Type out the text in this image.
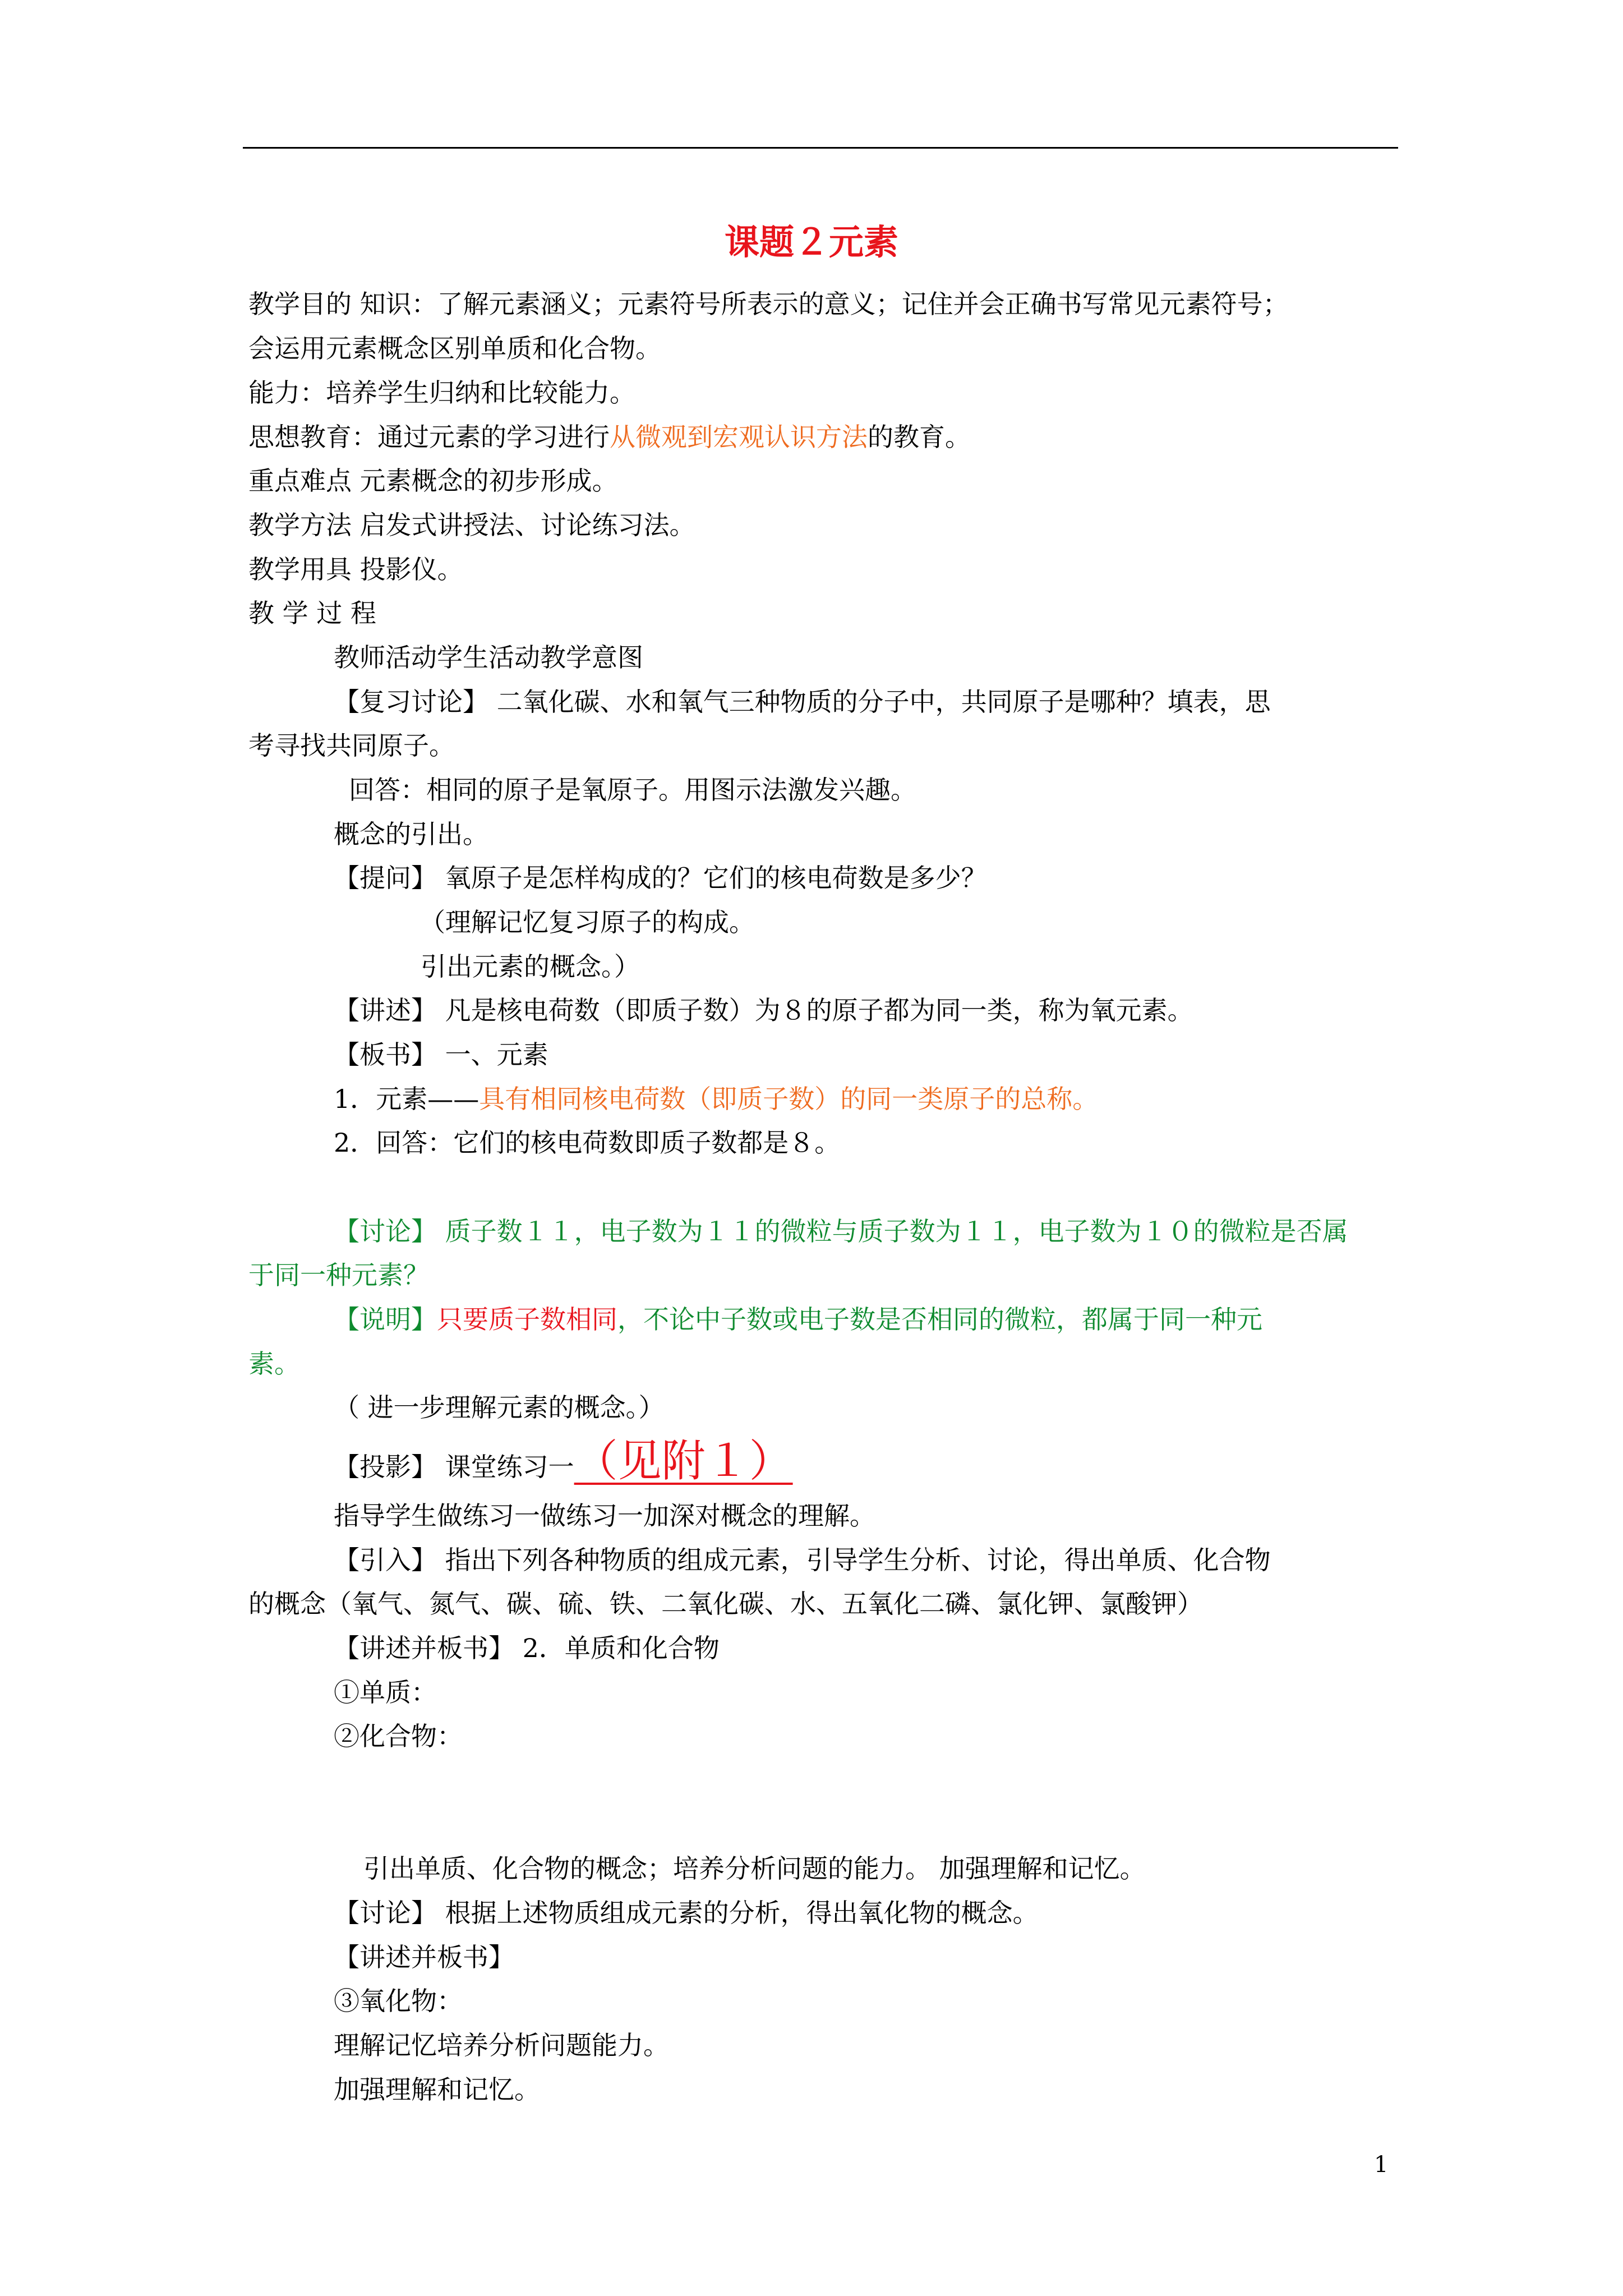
课题２元素
教学目的 知识：了解元素涵义；元素符号所表示的意义；记住并会正确书写常见元素符号；
会运用元素概念区别单质和化合物。
能力：培养学生归纳和比较能力。
思想教育：通过元素的学习进行从微观到宏观认识方法的教育。
重点难点 元素概念的初步形成。
教学方法 启发式讲授法、讨论练习法。
教学用具 投影仪。
教 学 过 程
教师活动学生活动教学意图
【复习讨论】 二氧化碳、水和氧气三种物质的分子中，共同原子是哪种？填表，思
考寻找共同原子。
回答：相同的原子是氧原子。用图示法激发兴趣。
概念的引出。
【提问】 氧原子是怎样构成的？它们的核电荷数是多少？
（理解记忆复习原子的构成。
引出元素的概念。）
【讲述】 凡是核电荷数（即质子数）为８的原子都为同一类，称为氧元素。
【板书】 一、元素
1．元素——具有相同核电荷数（即质子数）的同一类原子的总称。
2．回答：它们的核电荷数即质子数都是８。
【讨论】 质子数１１，电子数为１１的微粒与质子数为１１，电子数为１０的微粒是否属
于同一种元素？
【说明】只要质子数相同，不论中子数或电子数是否相同的微粒，都属于同一种元
素。
（ 进一步理解元素的概念。）
【投影】 课堂练习一（见附１）
指导学生做练习一做练习一加深对概念的理解。
【引入】 指出下列各种物质的组成元素，引导学生分析、讨论，得出单质、化合物
的概念（氧气、氮气、碳、硫、铁、二氧化碳、水、五氧化二磷、氯化钾、氯酸钾）
【讲述并板书】 2．单质和化合物
①单质：
②化合物：
引出单质、化合物的概念；培养分析问题的能力。 加强理解和记忆。
【讨论】 根据上述物质组成元素的分析，得出氧化物的概念。
【讲述并板书】
③氧化物：
理解记忆培养分析问题能力。
加强理解和记忆。
1
